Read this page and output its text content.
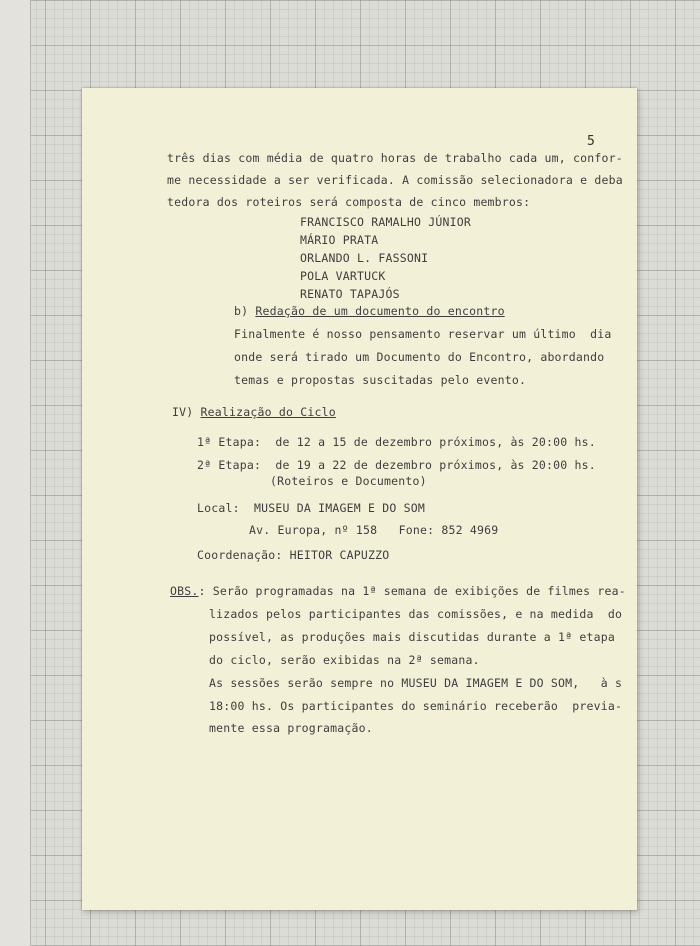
5
três dias com média de quatro horas de trabalho cada um, confor-
me necessidade a ser verificada. A comissão selecionadora e deba
tedora dos roteiros será composta de cinco membros:
FRANCISCO RAMALHO JÚNIOR
MÁRIO PRATA
ORLANDO L. FASSONI
POLA VARTUCK
RENATO TAPAJÓS
b) Redação de um documento do encontro
Finalmente é nosso pensamento reservar um último  dia
onde será tirado um Documento do Encontro, abordando
temas e propostas suscitadas pelo evento.
IV) Realização do Ciclo
1ª Etapa:  de 12 a 15 de dezembro próximos, às 20:00 hs.
2ª Etapa:  de 19 a 22 de dezembro próximos, às 20:00 hs.
(Roteiros e Documento)
Local: MUSEU DA IMAGEM E DO SOM
Av. Europa, nº 158   Fone: 852 4969
Coordenação: HEITOR CAPUZZO
OBS.: Serão programadas na 1ª semana de exibições de filmes rea-
lizados pelos participantes das comissões, e na medida  do
possível, as produções mais discutidas durante a 1ª etapa
do ciclo, serão exibidas na 2ª semana.
As sessões serão sempre no MUSEU DA IMAGEM E DO SOM,   à s
18:00 hs. Os participantes do seminário receberão  previa-
mente essa programação.
